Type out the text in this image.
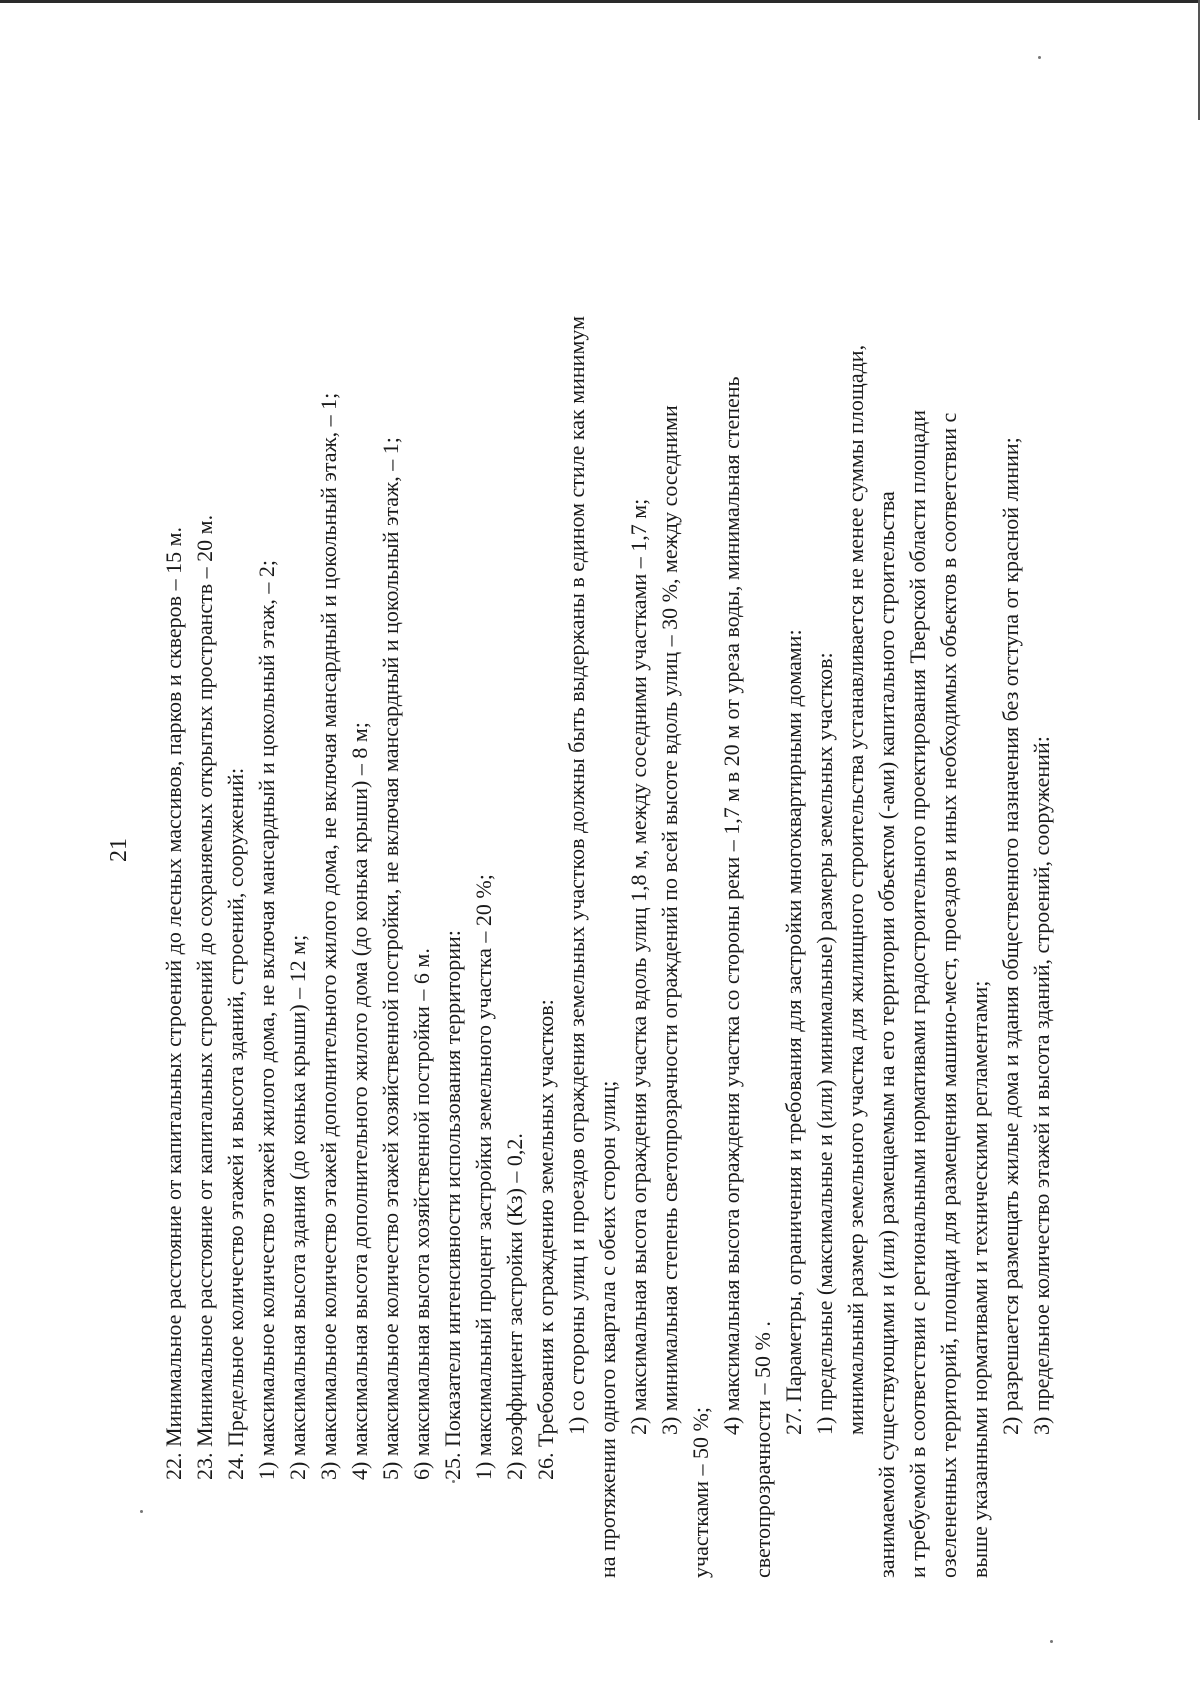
21 22. Минимальное расстояние от капитальных строений до лесных массивов, парков и скверов – 15 м. 23. Минимальное расстояние от капитальных строений до сохраняемых открытых пространств – 20 м. 24. Предельное количество этажей и высота зданий, строений, сооружений: 1) максимальное количество этажей жилого дома, не включая мансардный и цокольный этаж, – 2; 2) максимальная высота здания (до конька крыши) – 12 м; 3) максимальное количество этажей дополнительного жилого дома, не включая мансардный и цокольный этаж, – 1; 4) максимальная высота дополнительного жилого дома (до конька крыши) – 8 м; 5) максимальное количество этажей хозяйственной постройки, не включая мансардный и цокольный этаж, – 1; 6) максимальная высота хозяйственной постройки – 6 м. 25. Показатели интенсивности использования территории: 1) максимальный процент застройки земельного участка – 20 %; 2) коэффициент застройки (Кз) – 0,2. 26. Требования к ограждению земельных участков: 1) со стороны улиц и проездов ограждения земельных участков должны быть выдержаны в едином стиле как минимум на протяжении одного квартала с обеих сторон улиц; 2) максимальная высота ограждения участка вдоль улиц 1,8 м, между соседними участками – 1,7 м; 3) минимальная степень светопрозрачности ограждений по всей высоте вдоль улиц – 30 %, между соседними
участками – 50 %;
4) максимальная высота ограждения участка со стороны реки – 1,7 м в 20 м от уреза воды, минимальная степень
светопрозрачности – 50 % .
27. Параметры, ограничения и требования для застройки многоквартирными домами: 1) предельные (максимальные и (или) минимальные) размеры земельных участков: минимальный размер земельного участка для жилищного строительства устанавливается не менее суммы площади, занимаемой существующими и (или) размещаемым на его территории объектом (-ами) капитального строительства и требуемой в соответствии с региональными нормативами градостроительного проектирования Тверской области площади озелененных территорий, площади для размещения машино-мест, проездов и иных необходимых объектов в соответствии с выше указанными нормативами и техническими регламентами; 2) разрешается размещать жилые дома и здания общественного назначения без отступа от красной линии; 3) предельное количество этажей и высота зданий, строений, сооружений:
